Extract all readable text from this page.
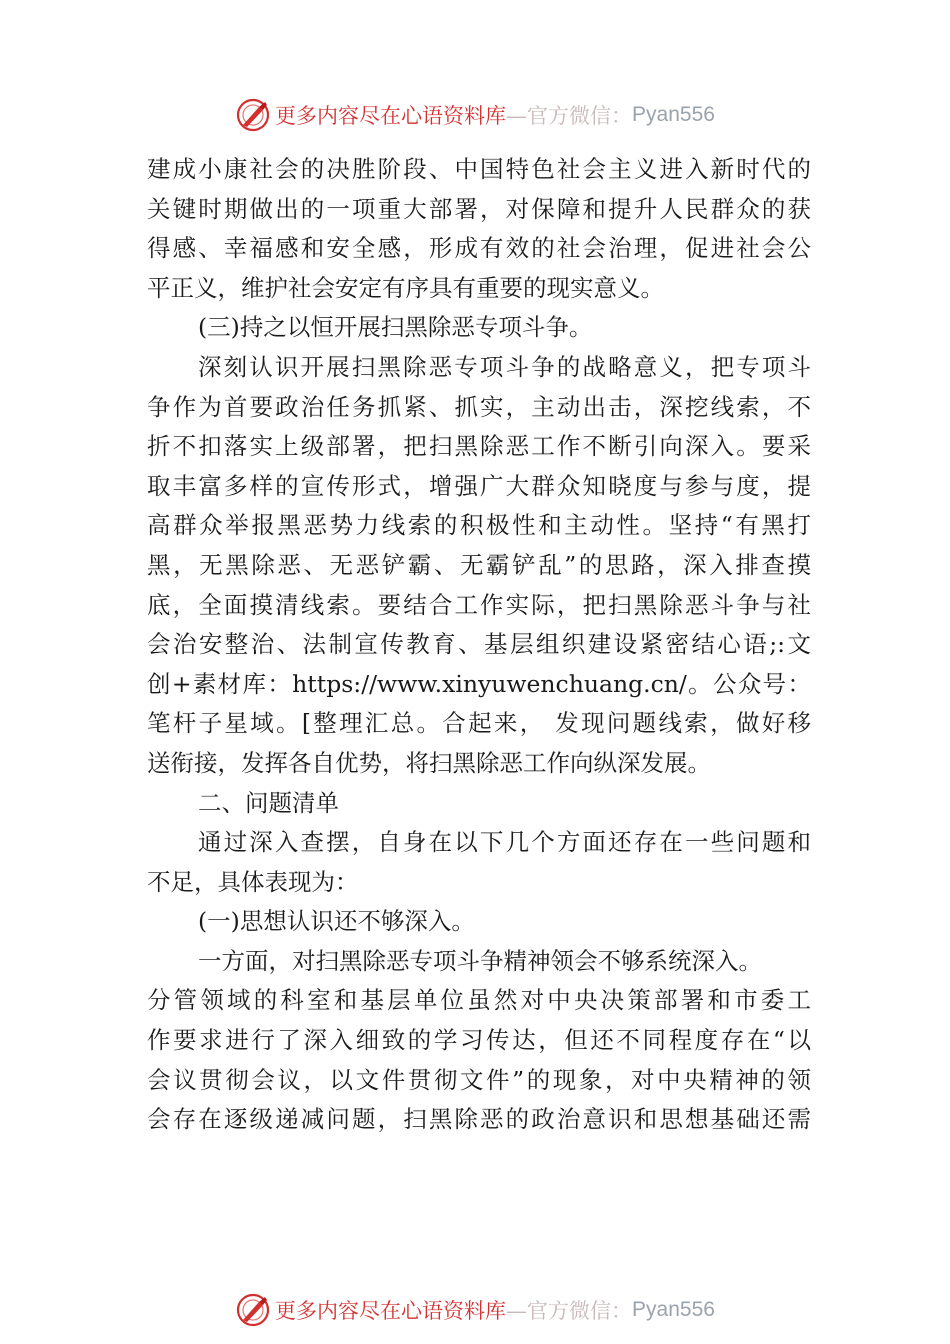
更多内容尽在心语资料库 —官方微信： Pyan556
建成小康社会的决胜阶段、中国特色社会主义进入新时代的
关键时期做出的一项重大部署，对保障和提升人民群众的获
得感、幸福感和安全感，形成有效的社会治理，促进社会公
平正义，维护社会安定有序具有重要的现实意义。
(三)持之以恒开展扫黑除恶专项斗争。
深刻认识开展扫黑除恶专项斗争的战略意义，把专项斗
争作为首要政治任务抓紧、抓实，主动出击，深挖线索，不
折不扣落实上级部署，把扫黑除恶工作不断引向深入。要采
取丰富多样的宣传形式，增强广大群众知晓度与参与度，提
高群众举报黑恶势力线索的积极性和主动性。坚持“有黑打
黑，无黑除恶、无恶铲霸、无霸铲乱”的思路，深入排查摸
底，全面摸清线索。要结合工作实际，把扫黑除恶斗争与社
会治安整治、法制宣传教育、基层组织建设紧密结心语;:文
创+素材库：https://www.xinyuwenchuang.cn/。公众号：
笔杆子星域。[整理汇总。合起来， 发现问题线索，做好移
送衔接，发挥各自优势，将扫黑除恶工作向纵深发展。
二、问题清单
通过深入查摆，自身在以下几个方面还存在一些问题和
不足，具体表现为：
(一)思想认识还不够深入。
一方面，对扫黑除恶专项斗争精神领会不够系统深入。
分管领域的科室和基层单位虽然对中央决策部署和市委工
作要求进行了深入细致的学习传达，但还不同程度存在“以
会议贯彻会议，以文件贯彻文件”的现象，对中央精神的领
会存在逐级递减问题，扫黑除恶的政治意识和思想基础还需
更多内容尽在心语资料库 —官方微信： Pyan556
